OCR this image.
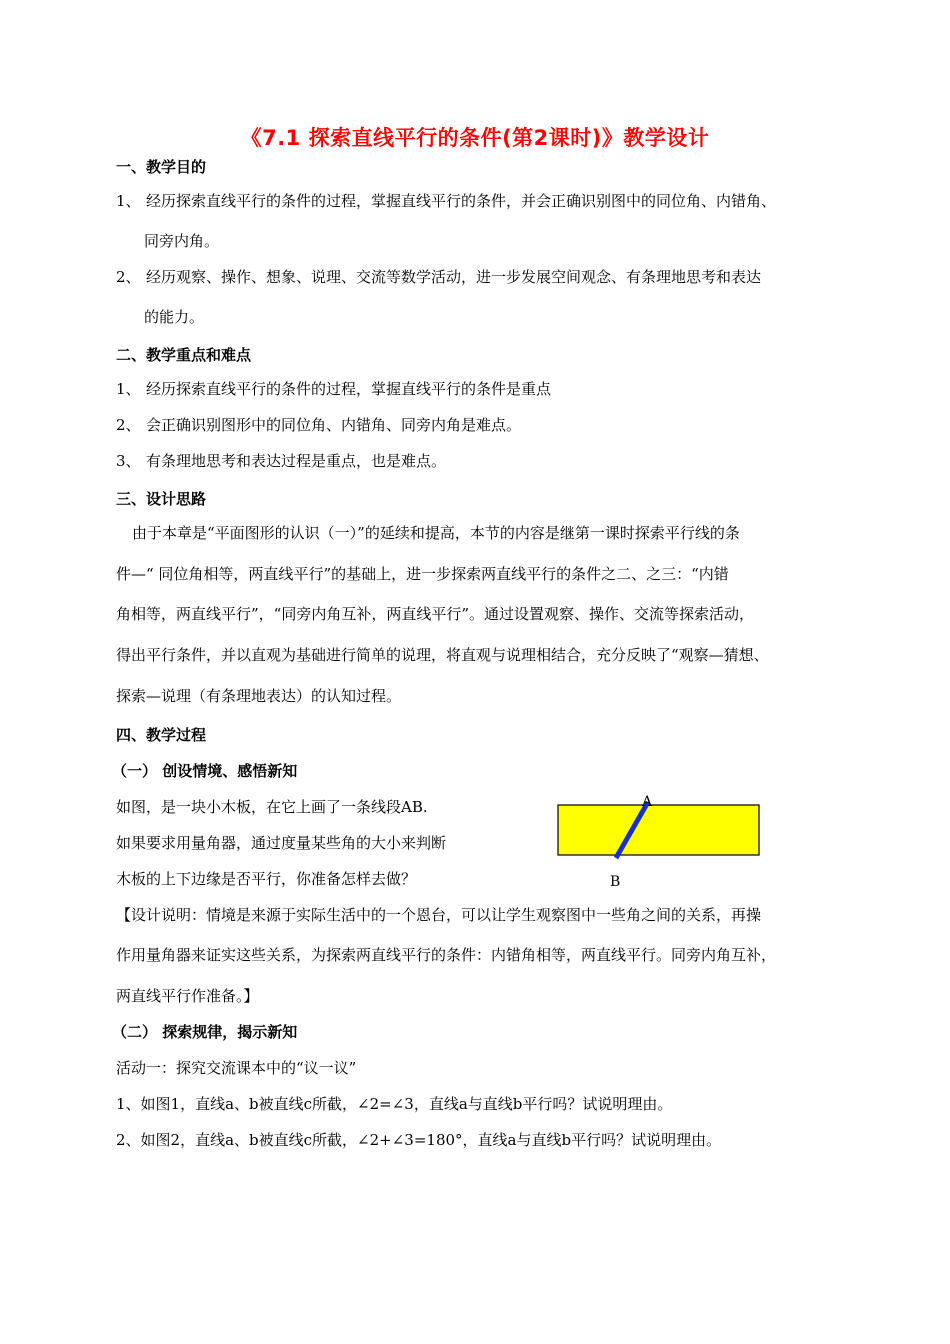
《7.1 探索直线平行的条件(第2课时)》教学设计
一、教学目的
1、 经历探索直线平行的条件的过程，掌握直线平行的条件，并会正确识别图中的同位角、内错角、
同旁内角。
2、 经历观察、操作、想象、说理、交流等数学活动，进一步发展空间观念、有条理地思考和表达
的能力。
二、教学重点和难点
1、 经历探索直线平行的条件的过程，掌握直线平行的条件是重点
2、 会正确识别图形中的同位角、内错角、同旁内角是难点。
3、 有条理地思考和表达过程是重点，也是难点。
三、设计思路
由于本章是“平面图形的认识（一）”的延续和提高，本节的内容是继第一课时探索平行线的条
件—“ 同位角相等，两直线平行”的基础上，进一步探索两直线平行的条件之二、之三：“内错
角相等，两直线平行”，“同旁内角互补，两直线平行”。通过设置观察、操作、交流等探索活动，
得出平行条件，并以直观为基础进行简单的说理，将直观与说理相结合，充分反映了“观察—猜想、
探索—说理（有条理地表达）的认知过程。
四、教学过程
（一） 创设情境、感悟新知
如图，是一块小木板，在它上画了一条线段AB.
如果要求用量角器，通过度量某些角的大小来判断
木板的上下边缘是否平行，你准备怎样去做？
A
B
【设计说明：情境是来源于实际生活中的一个恩台，可以让学生观察图中一些角之间的关系，再操
作用量角器来证实这些关系，为探索两直线平行的条件：内错角相等，两直线平行。同旁内角互补，
两直线平行作准备。】
（二） 探索规律，揭示新知
活动一：探究交流课本中的“议一议”
1、如图1，直线a、b被直线c所截，∠2=∠3，直线a与直线b平行吗？试说明理由。
2、如图2，直线a、b被直线c所截，∠2+∠3=180°，直线a与直线b平行吗？试说明理由。
